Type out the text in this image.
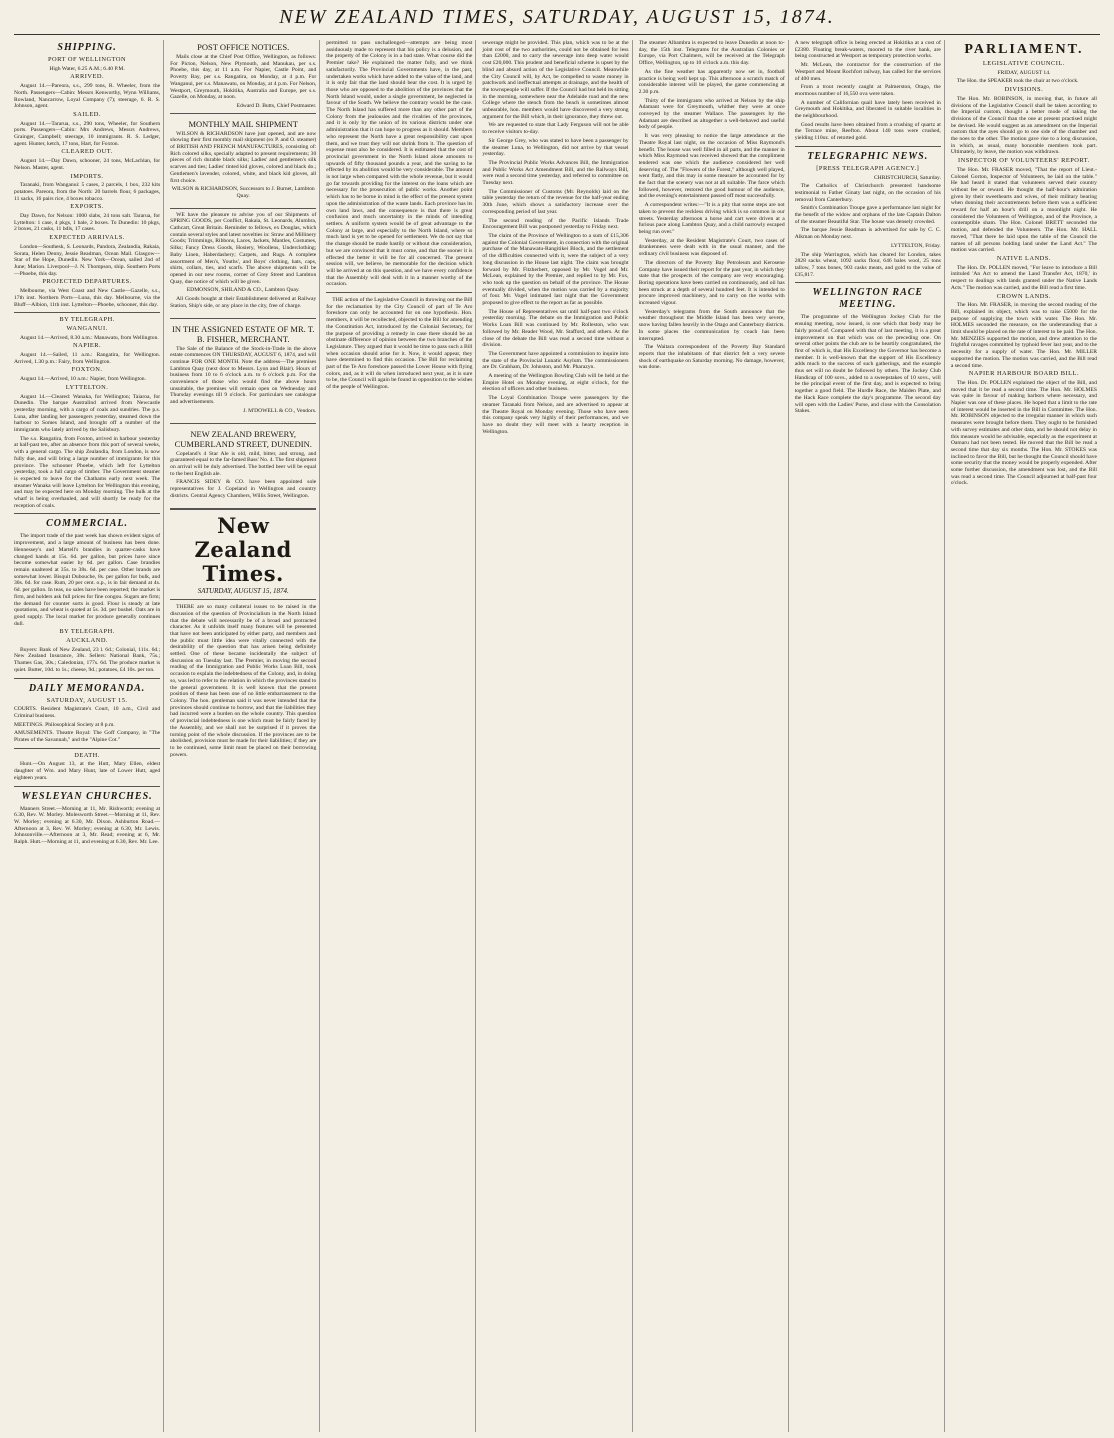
NEW ZEALAND TIMES, SATURDAY, AUGUST 15, 1874.
SHIPPING.
PORT OF WELLINGTON

High Water, 6.25 A.M.; 6.40 P.M.

ARRIVED.

August 14.—Pareora, s.s., 299 tons, R. Wheeler, from the North. Passengers—Cabin: Messrs Kenworthy, Wynn Williams, Rowland, Nancarrow, Loyal Company (7); steerage, 6. R. S. Johnson, agent.

SAILED.

August 14.—Tararua, s.s., 290 tons, Wheeler, for Southern ports. Passengers—Cabin: Mrs Andrews, Messrs Andrews, Grainger, Campbell; steerage, 10 immigrants. R. S. Ledger, agent. Hunter, ketch, 17 tons, Hart, for Foxton.

CLEARED OUT.

August 14.—Day Dawn, schooner, 24 tons, McLachlan, for Nelson. Master, agent.

IMPORTS.

Taranaki, from Wanganui: 5 cases, 2 parcels, 1 box, 232 kits potatoes. Pareora, from the North: 20 barrels flour, 6 packages, 11 sacks, 16 pairs rice, 4 boxes tobacco.

EXPORTS.

Day Dawn, for Nelson: 1000 slabs, 24 tons salt. Tararua, for Lyttelton: 1 case, 4 pkgs, 1 bale, 2 boxes. To Dunedin: 10 pkgs, 2 boxes, 21 casks, 11 bdls, 17 cases.

EXPECTED ARRIVALS.

London—Southesk, S. Leonards, Pandora, Zealandia, Rakaia, Sorata, Helen Denny, Jessie Readman, Ocean Mail. Glasgow—Star of the Hope, Dunedin. New York—Ocean, sailed 2nd of June; Marion. Liverpool—J. N. Thompson, ship. Southern Ports—Phoebe, this day.

PROJECTED DEPARTURES.

Melbourne, via West Coast and New Castle—Gazelle, s.s., 17th inst. Northern Ports—Luna, this day. Melbourne, via the Bluff—Albion, 11th inst. Lyttelton—Phoebe, schooner, this day.

BY TELEGRAPH.
WANGANUI.

August 14.—Arrived, 8.30 a.m.: Manawatu, from Wellington.

NAPIER.

August 14.—Sailed, 11 a.m.: Rangatira, for Wellington. Arrived, 1.30 p.m.: Fairy, from Wellington.

FOXTON.

August 14.—Arrived, 10 a.m.: Napier, from Wellington.

LYTTELTON.

August 14.—Cleared: Wanaka, for Wellington; Taiaroa, for Dunedin. The barque Australind arrived from Newcastle yesterday morning, with a cargo of coals and sundries. The p.s. Luna, after landing her passengers yesterday, steamed down the harbour to Somes Island, and brought off a number of the immigrants who lately arrived by the Salisbury.

The s.s. Rangatira, from Foxton, arrived in harbour yesterday at half-past ten, after an absence from this port of several weeks, with a general cargo. The ship Zealandia, from London, is now fully due, and will bring a large number of immigrants for this province. The schooner Phoebe, which left for Lyttelton yesterday, took a full cargo of timber. The Government steamer is expected to leave for the Chathams early next week. The steamer Wanaka will leave Lyttelton for Wellington this evening, and may be expected here on Monday morning. The hulk at the wharf is being overhauled, and will shortly be ready for the reception of coals.

COMMERCIAL.

The import trade of the past week has shown evident signs of improvement, and a large amount of business has been done. Hennessey's and Martell's brandies in quarter-casks have changed hands at 15s. 6d. per gallon, but prices have since become somewhat easier by 6d. per gallon. Case brandies remain unaltered at 35s. to 38s. 6d. per case. Other brands are somewhat lower. Bisquit Dubouche, 8s. per gallon for bulk, and 30s. 6d. for case. Rum, 20 per cent. o.p., is in fair demand at 4s. 6d. per gallon. In teas, no sales have been reported; the market is firm, and holders ask full prices for fine congou. Sugars are firm; the demand for counter sorts is good. Flour is steady at late quotations, and wheat is quoted at 5s. 3d. per bushel. Oats are in good supply. The local market for produce generally continues dull.

BY TELEGRAPH.
AUCKLAND.

Buyers: Bank of New Zealand, 23 l. 6d.; Colonial, 111s. 6d.; New Zealand Insurance, 38s. Sellers: National Bank, 75s.; Thames Gas, 30s.; Caledonian, 177s. 6d. The produce market is quiet. Butter, 10d. to 1s.; cheese, 9d.; potatoes, £4 10s. per ton.

DAILY MEMORANDA.
SATURDAY, AUGUST 15.

COURTS. Resident Magistrate's Court, 10 a.m., Civil and Criminal business.

MEETINGS. Philosophical Society at 8 p.m.

AMUSEMENTS. Theatre Royal: The Goff Company, in "The Pirates of the Savannah," and the "Alpine Cot."

DEATH.

Hunt.—On August 13, at the Hutt, Mary Ellen, eldest daughter of Wm. and Mary Hunt, late of Lower Hutt, aged eighteen years.

WESLEYAN CHURCHES.

Manners Street.—Morning at 11, Mr. Rishworth; evening at 6.30, Rev. W. Morley. Molesworth Street.—Morning at 11, Rev. W. Morley; evening at 6.30, Mr. Dixon. Ashburton Road.—Afternoon at 3, Rev. W. Morley; evening at 6.30, Mr. Lewis. Johnsonville.—Afternoon at 3, Mr. Read; evening at 6, Mr. Ralph. Hutt.—Morning at 11, and evening at 6.30, Rev. Mr. Lee.

POST OFFICE NOTICES.

Mails close at the Chief Post Office, Wellington, as follows: For Picton, Nelson, New Plymouth, and Manukau, per s.s. Phoebe, this day, at 11 a.m. For Napier, Castle Point, and Poverty Bay, per s.s. Rangatira, on Monday, at 4 p.m. For Wanganui, per s.s. Manawatu, on Monday, at 4 p.m. For Nelson, Westport, Greymouth, Hokitika, Australia and Europe, per s.s. Gazelle, on Monday, at noon.

Edward D. Butts, Chief Postmaster.

MONTHLY MAIL SHIPMENT

WILSON & RICHARDSON have just opened, and are now showing their first monthly mail shipment (ex P. and O. steamer) of BRITISH AND FRENCH MANUFACTURES, consisting of: Rich colored silks, specially adapted to present requirements; 30 pieces of rich durable black silks; Ladies' and gentlemen's silk scarves and ties; Ladies' tinted kid gloves, colored and black do.; Gentlemen's lavender, colored, white, and black kid gloves, all first choice.

WILSON & RICHARDSON, Successors to J. Burnet, Lambton Quay.

WE have the pleasure to advise you of our Shipments of SPRING GOODS, per Conflict, Rakaia, St. Leonards, Alumbra, Cathcart, Great Britain. Reminder to fellows, ex Douglas, which contain several styles and latest novelties in: Straw and Millinery Goods; Trimmings, Ribbons, Laces, Jackets, Mantles, Costumes, Silks; Fancy Dress Goods, Hosiery, Woollens, Underclothing; Baby Linen, Haberdashery; Carpets, and Rugs. A complete assortment of Men's, Youths', and Boys' clothing, hats, caps, shirts, collars, ties, and scarfs. The above shipments will be opened in our new rooms, corner of Grey Street and Lambton Quay, due notice of which will be given.

EDMONSON, SHILAND & CO., Lambton Quay.

All Goods bought at their Establishment delivered at Railway Station, Ship's side, or any place in the city, free of charge.

IN THE ASSIGNED ESTATE OF MR. T. B. FISHER, MERCHANT.

The Sale of the Balance of the Stock-in-Trade in the above estate commences ON THURSDAY, AUGUST 6, 1874, and will continue FOR ONE MONTH. Note the address—The premises Lambton Quay (next door to Messrs. Lyon and Blair). Hours of business from 10 to 6 o'clock a.m. to 6 o'clock p.m. For the convenience of those who would find the above hours unsuitable, the premises will remain open on Wednesday and Thursday evenings till 9 o'clock. For particulars see catalogue and advertisements.

J. M'DOWELL & CO., Vendors.

NEW ZEALAND BREWERY, CUMBERLAND STREET, DUNEDIN.

Copeland's 4 Star Ale is old, mild, bitter, and strong, and guaranteed equal to the far-famed Bass' No. 4. The first shipment on arrival will be duly advertised. The bottled beer will be equal to the best English ale.

FRANCIS SIDEY & CO. have been appointed sole representatives for J. Copeland in Wellington and country districts. Central Agency Chambers, Willis Street, Wellington.

New Zealand Times.
SATURDAY, AUGUST 15, 1874.

THERE are so many collateral issues to be raised in the discussion of the question of Provincialism in the North Island that the debate will necessarily be of a broad and protracted character. As it unfolds itself many features will be presented that have not been anticipated by either party, and members and the public must little idea were vitally connected with the desirability of the question that has arisen being definitely settled. One of these became incidentally the subject of discussion on Tuesday last. The Premier, in moving the second reading of the Immigration and Public Works Loan Bill, took occasion to explain the indebtedness of the Colony, and, in doing so, was led to refer to the relation in which the provinces stand to the general government. It is well known that the present position of these has been one of no little embarrassment to the Colony. The hon. gentleman said it was never intended that the provinces should continue to borrow, and that the liabilities they had incurred were a burden on the whole country. This question of provincial indebtedness is one which must be fairly faced by the Assembly, and we shall not be surprised if it proves the turning point of the whole discussion. If the provinces are to be abolished, provision must be made for their liabilities; if they are to be continued, some limit must be placed on their borrowing powers.

permitted to pass unchallenged—attempts are being most assiduously made to represent that his policy is a delusion, and the property of the Colony is in a bad state. What course did the Premier take? He explained the matter fully, and we think satisfactorily. The Provincial Governments have, in the past, undertaken works which have added to the value of the land, and it is only fair that the land should bear the cost. It is urged by those who are opposed to the abolition of the provinces that the North Island would, under a single government, be neglected in favour of the South. We believe the contrary would be the case. The North Island has suffered more than any other part of the Colony from the jealousies and the rivalries of the provinces, and it is only by the union of its various districts under one administration that it can hope to progress as it should. Members who represent the North have a great responsibility cast upon them, and we trust they will not shrink from it. The question of expense must also be considered. It is estimated that the cost of provincial government in the North Island alone amounts to upwards of fifty thousand pounds a year, and the saving to be effected by its abolition would be very considerable. The amount is not large when compared with the whole revenue, but it would go far towards providing for the interest on the loans which are necessary for the prosecution of public works. Another point which has to be borne in mind is the effect of the present system upon the administration of the waste lands. Each province has its own land laws, and the consequence is that there is great confusion and much uncertainty in the minds of intending settlers. A uniform system would be of great advantage to the Colony at large, and especially to the North Island, where so much land is yet to be opened for settlement. We do not say that the change should be made hastily or without due consideration, but we are convinced that it must come, and that the sooner it is effected the better it will be for all concerned. The present session will, we believe, be memorable for the decision which will be arrived at on this question, and we have every confidence that the Assembly will deal with it in a manner worthy of the occasion.

THE action of the Legislative Council in throwing out the Bill for the reclamation by the City Council of part of Te Aro foreshore can only be accounted for on one hypothesis. Hon. members, it will be recollected, objected to the Bill for amending the Constitution Act, introduced by the Colonial Secretary, for the purpose of providing a remedy in case there should be an obstinate difference of opinion between the two branches of the Legislature. They argued that it would be time to pass such a Bill when occasion should arise for it. Now, it would appear, they have determined to find this occasion. The Bill for reclaiming part of the Te Aro foreshore passed the Lower House with flying colors, and, as it will do when introduced next year, as it is sure to be, the Council will again be found in opposition to the wishes of the people of Wellington.

sewerage might be provided. This plan, which was to be at the joint cost of the two authorities, could not be obtained for less than £2000, and to carry the sewerage into deep water would cost £20,000. This prudent and beneficial scheme is upset by the blind and absurd action of the Legislative Council. Meanwhile the City Council will, by Act, be compelled to waste money in patchwork and ineffectual attempts at drainage, and the health of the townspeople will suffer. If the Council had but held its sitting in the morning, somewhere near the Adelaide road and the new College where the stench from the beach is sometimes almost unbearable, hon. members would have discovered a very strong argument for the Bill which, in their ignorance, they threw out.

We are requested to state that Lady Ferguson will not be able to receive visitors to-day.

Sir George Grey, who was stated to have been a passenger by the steamer Luna, to Wellington, did not arrive by that vessel yesterday.

The Provincial Public Works Advances Bill, the Immigration and Public Works Act Amendment Bill, and the Railways Bill, were read a second time yesterday, and referred to committee on Tuesday next.

The Commissioner of Customs (Mr. Reynolds) laid on the table yesterday the return of the revenue for the half-year ending 30th June, which shows a satisfactory increase over the corresponding period of last year.

The second reading of the Pacific Islands Trade Encouragement Bill was postponed yesterday to Friday next.

The claim of the Province of Wellington to a sum of £15,306 against the Colonial Government, in connection with the original purchase of the Manawatu-Rangitikei Block, and the settlement of the difficulties connected with it, were the subject of a very long discussion in the House last night. The claim was brought forward by Mr. Fitzherbert, opposed by Mr. Vogel and Mr. McLean, explained by the Premier, and replied to by Mr. Fox, who took up the question on behalf of the province. The House eventually divided, when the motion was carried by a majority of four. Mr. Vogel intimated last night that the Government proposed to give effect to the report as far as possible.

The House of Representatives sat until half-past two o'clock yesterday morning. The debate on the Immigration and Public Works Loan Bill was continued by Mr. Rolleston, who was followed by Mr. Reader Wood, Mr. Stafford, and others. At the close of the debate the Bill was read a second time without a division.

The Government have appointed a commission to inquire into the state of the Provincial Lunatic Asylum. The commissioners are Dr. Grabham, Dr. Johnston, and Mr. Pharazyn.

A meeting of the Wellington Bowling Club will be held at the Empire Hotel on Monday evening, at eight o'clock, for the election of officers and other business.

The Loyal Combination Troupe were passengers by the steamer Taranaki from Nelson, and are advertised to appear at the Theatre Royal on Monday evening. Those who have seen this company speak very highly of their performances, and we have no doubt they will meet with a hearty reception in Wellington.

The steamer Albambra is expected to leave Dunedin at noon to-day, the 15th inst. Telegrams for the Australian Colonies or Europe, via Port Chalmers, will be received at the Telegraph Office, Wellington, up to 10 o'clock a.m. this day.

As the fine weather has apparently now set in, football practice is being well kept up. This afternoon a scratch match of considerable interest will be played, the game commencing at 2.30 p.m.

Thirty of the immigrants who arrived at Nelson by the ship Adamant were for Greymouth, whither they were at once conveyed by the steamer Wallace. The passengers by the Adamant are described as altogether a well-behaved and useful body of people.

It was very pleasing to notice the large attendance at the Theatre Royal last night, on the occasion of Miss Raymond's benefit. The house was well filled in all parts, and the manner in which Miss Raymond was received showed that the compliment tendered was one which the audience considered her well deserving of. The "Flowers of the Forest," although well played, went flatly, and this may in some measure be accounted for by the fact that the scenery was not at all suitable. The farce which followed, however, restored the good humour of the audience, and the evening's entertainment passed off most successfully.

A correspondent writes:—"It is a pity that some steps are not taken to prevent the reckless driving which is so common in our streets. Yesterday afternoon a horse and cart were driven at a furious pace along Lambton Quay, and a child narrowly escaped being run over."

Yesterday, at the Resident Magistrate's Court, two cases of drunkenness were dealt with in the usual manner, and the ordinary civil business was disposed of.

The directors of the Poverty Bay Petroleum and Kerosene Company have issued their report for the past year, in which they state that the prospects of the company are very encouraging. Boring operations have been carried on continuously, and oil has been struck at a depth of several hundred feet. It is intended to procure improved machinery, and to carry on the works with increased vigour.

Yesterday's telegrams from the South announce that the weather throughout the Middle Island has been very severe, snow having fallen heavily in the Otago and Canterbury districts. In some places the communication by coach has been interrupted.

The Waitara correspondent of the Poverty Bay Standard reports that the inhabitants of that district felt a very severe shock of earthquake on Saturday morning. No damage, however, was done.

A new telegraph office is being erected at Hokitika at a cost of £2380. Floating break-waters, moored to the river bank, are being constructed at Westport as temporary protection works.

Mr. McLean, the contractor for the construction of the Westport and Mount Rochfort railway, has called for the services of 400 men.

From a trout recently caught at Palmerston, Otago, the enormous number of 16,550 ova were taken.

A number of Californian quail have lately been received in Greymouth and Hokitika, and liberated in suitable localities in the neighbourhood.

Good results have been obtained from a crushing of quartz at the Terrace mine, Reefton. About 140 tons were crushed, yielding 110oz. of retorted gold.

TELEGRAPHIC NEWS.
[PRESS TELEGRAPH AGENCY.]

CHRISTCHURCH, Saturday.

The Catholics of Christchurch presented handsome testimonial to Father Ginaty last night, on the occasion of his removal from Canterbury.

Smith's Combination Troupe gave a performance last night for the benefit of the widow and orphans of the late Captain Dalton of the steamer Beautiful Star. The house was densely crowded.

The barque Jessie Readman is advertised for sale by C. C. Alkman on Monday next.

LYTTELTON, Friday.

The ship Warrington, which has cleared for London, takes 2828 sacks wheat, 1092 sacks flour, 646 bales wool, 25 tons tallow, 7 tons bones, 903 casks meats, and gold to the value of £35,817.

WELLINGTON RACE MEETING.

The programme of the Wellington Jockey Club for the ensuing meeting, now issued, is one which that body may be fairly proud of. Compared with that of last meeting, it is a great improvement on that which was on the preceding one. On several other points the club are to be heartily congratulated, the first of which is, that His Excellency the Governor has become a member. It is well-known that the support of His Excellency adds much to the success of such gatherings, and the example thus set will no doubt be followed by others. The Jockey Club Handicap of 100 sovs., added to a sweepstakes of 10 sovs., will be the principal event of the first day, and is expected to bring together a good field. The Hurdle Race, the Maiden Plate, and the Hack Race complete the day's programme. The second day will open with the Ladies' Purse, and close with the Consolation Stakes.

PARLIAMENT.
LEGISLATIVE COUNCIL.

FRIDAY, AUGUST 14.

The Hon. the SPEAKER took the chair at two o'clock.

DIVISIONS.

The Hon. Mr. ROBINSON, in moving that, in future all divisions of the Legislative Council shall be taken according to the Imperial custom, thought a better mode of taking the divisions of the Council than the one at present practised might be devised. He would suggest as an amendment on the Imperial custom that the ayes should go to one side of the chamber and the noes to the other. The motion gave rise to a long discussion, in which, as usual, many honorable members took part. Ultimately, by leave, the motion was withdrawn.

INSPECTOR OF VOLUNTEERS' REPORT.

The Hon. Mr. FRASER moved, "That the report of Lieut.-Colonel Gorton, Inspector of Volunteers, be laid on the table." He had heard it stated that volunteers served their country without fee or reward. He thought the half-hour's admiration given by their sweethearts and wives, of their military bearing when donning their accoutrements before them was a sufficient reward for half an hour's drill on a moonlight night. He considered the Volunteers of Wellington, and of the Province, a contemptible sham. The Hon. Colonel BRETT seconded the motion, and defended the Volunteers. The Hon. Mr. HALL moved, "That there be laid upon the table of the Council the names of all persons holding land under the Land Act." The motion was carried.

NATIVE LANDS.

The Hon. Dr. POLLEN moved, "For leave to introduce a Bill intituled 'An Act to amend the Land Transfer Act, 1870,' in respect to dealings with lands granted under the Native Lands Acts." The motion was carried, and the Bill read a first time.

CROWN LANDS.

The Hon. Mr. FRASER, in moving the second reading of the Bill, explained its object, which was to raise £5000 for the purpose of supplying the town with water. The Hon. Mr. HOLMES seconded the measure, on the understanding that a limit should be placed on the rate of interest to be paid. The Hon. Mr. MENZIES supported the motion, and drew attention to the frightful ravages committed by typhoid fever last year, and to the necessity for a supply of water. The Hon. Mr. MILLER supported the motion. The motion was carried, and the Bill read a second time.

NAPIER HARBOUR BOARD BILL.

The Hon. Dr. POLLEN explained the object of the Bill, and moved that it be read a second time. The Hon. Mr. HOLMES was quite in favour of making harbors where necessary, and Napier was one of these places. He hoped that a limit to the rate of interest would be inserted in the Bill in Committee. The Hon. Mr. ROBINSON objected to the irregular manner in which such measures were brought before them. They ought to be furnished with survey estimates and other data, and he should not delay in this measure would be advisable, especially as the experiment at Oamaru had not been tested. He moved that the Bill be read a second time that day six months. The Hon. Mr. STOKES was inclined to favor the Bill, but he thought the Council should have some security that the money would be properly expended. After some further discussion, the amendment was lost, and the Bill was read a second time. The Council adjourned at half-past four o'clock.
